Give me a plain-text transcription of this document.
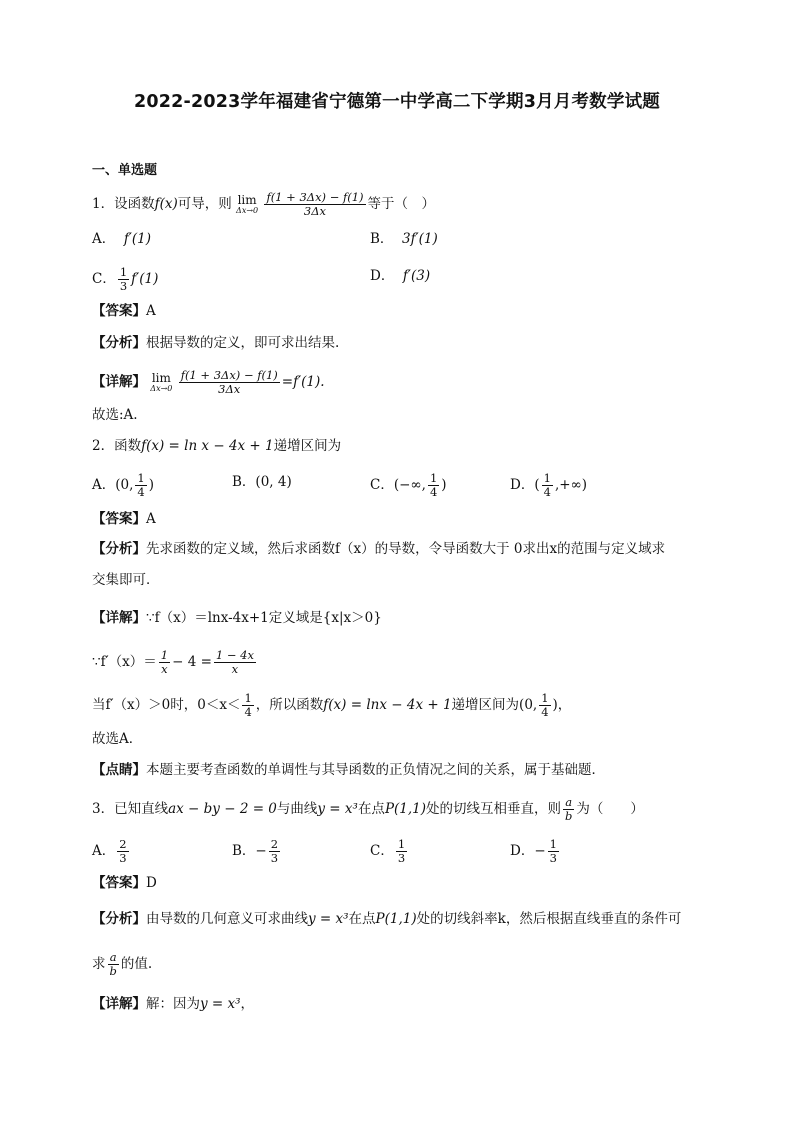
2022-2023学年福建省宁德第一中学高二下学期3月月考数学试题
一、单选题
1．设函数f(x)可导，则 lim
Δx→0
$\frac{f(1 + 3\Delta x) - f(1)}{3\Delta x}$ 等于（　）
A． f′(1)	B． 3f′(1)
C． $\frac{1}{3} f'(1)$	D． f′(3)
【答案】A
【分析】根据导数的定义，即可求出结果.
【详解】 lim
Δx→0
$\frac{f(1 + 3\Delta x) - f(1)}{3\Delta x} =f'(1)$.
故选:A.
2．函数f(x) = ln x − 4x + 1递增区间为
A．(0, $\frac{1}{4}$ )	B．(0, 4)	C．(−∞, $\frac{1}{4}$ )	D．( $\frac{1}{4}$ ,+∞)
【答案】A
【分析】先求函数的定义域，然后求函数f（x）的导数，令导函数大于 0求出x的范围与定义域求
交集即可．
【详解】∵f（x）＝lnx-4x+1定义域是{x|x＞0}
∵f′（x）＝ $\frac{1}{x} - 4 = \frac{1 - 4x}{x}$
当f′（x）＞0时，$0<x< \frac{1}{4}$ ，所以函数f(x) = lnx − 4x + 1递增区间为(0, $\frac{1}{4}$ )，
故选A．
【点睛】本题主要考查函数的单调性与其导函数的正负情况之间的关系，属于基础题．
3．已知直线ax − by − 2 = 0与曲线y = x³在点P(1,1)处的切线互相垂直，则 $\frac{a}{b}$ 为（　　）
A． $\frac{2}{3}$	B．− $\frac{2}{3}$	C． $\frac{1}{3}$	D．− $\frac{1}{3}$
【答案】D
【分析】由导数的几何意义可求曲线y = x³在点P(1,1)处的切线斜率k，然后根据直线垂直的条件可
求 $\frac{a}{b}$ 的值.
【详解】解：因为y = x³，
